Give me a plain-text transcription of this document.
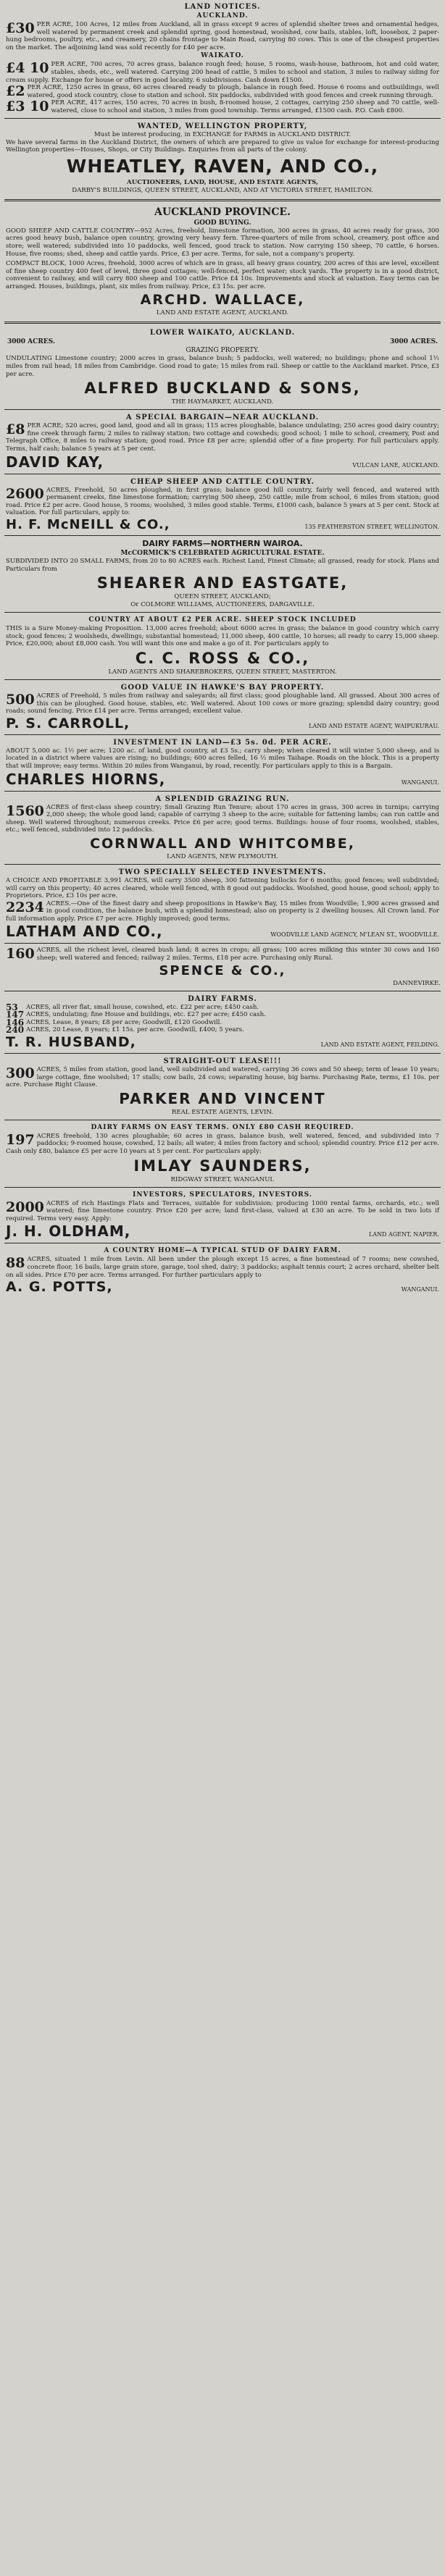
LAND NOTICES.
AUCKLAND.
£30 PER ACRE, 100 Acres, 12 miles from Auckland, all in grass except 9 acres of splendid shelter trees and ornamental hedges, well watered by permanent creek and splendid spring, good homestead, woolshed, cow bails, stables, loft, loosebox, 2 paper-hung bedrooms, poultry, etc., and creamery, 20 chains frontage to Main Road, carrying 80 cows. This is one of the cheapest properties on the market. The adjoining land was sold recently for £40 per acre.
WAIKATO.
£4 10 PER ACRE, 700 acres, 70 acres grass, balance rough feed; house, 5 rooms, wash-house, bathroom, hot and cold water, stables, sheds, etc., well watered. Carrying 200 head of cattle, 5 miles to school and station, 3 miles to railway siding for cream supply. Exchange for house or offers in good locality. 6 subdivisions. Cash down £1500.
£2 PER ACRE, 1250 acres in grass, 60 acres cleared ready to plough, balance in rough feed. House 6 rooms and outbuildings, well watered, good stock country, close to station and school. Six paddocks, subdivided with good fences and creek running through.
£3 10 PER ACRE, 417 acres, 150 acres, 70 acres in bush, 8-roomed house, 2 cottages, carrying 250 sheep and 70 cattle, well-watered, close to school and station, 3 miles from good township. Terms arranged, £1500 cash. P.O. Cash £800.
WANTED, WELLINGTON PROPERTY,
Must be interest producing, in EXCHANGE for FARMS in AUCKLAND DISTRICT.
We have several farms in the Auckland District, the owners of which are prepared to give us value for exchange for interest-producing Wellington properties—Houses, Shops, or City Buildings. Enquiries from all parts of the colony.
WHEATLEY, RAVEN, AND CO.,
AUCTIONEERS, LAND, HOUSE, AND ESTATE AGENTS,
DARBY'S BUILDINGS, QUEEN STREET, AUCKLAND, AND AT VICTORIA STREET, HAMILTON.
AUCKLAND PROVINCE.
GOOD BUYING.
GOOD SHEEP AND CATTLE COUNTRY—952 Acres, freehold, limestone formation, 300 acres in grass, 40 acres ready for grass, 300 acres good heavy bush, balance open country, growing very heavy fern. Three-quarters of mile from school, creamery, post office and store; well watered; subdivided into 10 paddocks, well fenced, good track to station. Now carrying 150 sheep, 70 cattle, 6 horses. House, five rooms; shed, sheep and cattle yards. Price, £3 per acre. Terms, for sale, not a company's property.
COMPACT BLOCK, 1000 Acres, freehold, 3000 acres of which are in grass, all heavy grass country, 200 acres of this are level, excellent of fine sheep country 400 feet of level, three good cottages; well-fenced, perfect water; stock yards. The property is in a good district, convenient to railway, and will carry 800 sheep and 100 cattle. Price £4 10s. Improvements and stock at valuation. Easy terms can be arranged. Houses, buildings, plant, six miles from railway. Price, £3 15s. per acre.
ARCHD. WALLACE,
LAND AND ESTATE AGENT, AUCKLAND.
LOWER WAIKATO, AUCKLAND.
3000 ACRES.	3000 ACRES.
GRAZING PROPERTY.
UNDULATING Limestone country; 2000 acres in grass, balance bush; 5 paddocks, well watered; no buildings; phone and school 1½ miles from rail head; 18 miles from Cambridge. Good road to gate; 15 miles from rail. Sheep or cattle to the Auckland market. Price, £3 per acre.
ALFRED BUCKLAND & SONS,
THE HAYMARKET, AUCKLAND.
A SPECIAL BARGAIN—NEAR AUCKLAND.
£8 PER ACRE; 520 acres, good land, good and all in grass; 115 acres ploughable, balance undulating; 250 acres good dairy country; fine creek through farm; 2 miles to railway station; two cottage and cowsheds; good school; 1 mile to school, creamery, Post and Telegraph Office, 8 miles to railway station; good road. Price £8 per acre; splendid offer of a fine property. For full particulars apply. Terms, half cash; balance 5 years at 5 per cent.
DAVID KAY,	VULCAN LANE, AUCKLAND.
CHEAP SHEEP AND CATTLE COUNTRY.
2600 ACRES, Freehold, 50 acres ploughed, in first grass; balance good hill country, fairly well fenced, and watered with permanent creeks, fine limestone formation; carrying 500 sheep, 250 cattle; mile from school, 6 miles from station; good road. Price £2 per acre. Good house, 5 rooms; woolshed, 3 miles good stable. Terms, £1000 cash, balance 5 years at 5 per cent. Stock at valuation. For full particulars, apply to:
H. F. McNEILL & CO.,	135 FEATHERSTON STREET, WELLINGTON.
DAIRY FARMS—NORTHERN WAIROA.
McCORMICK'S CELEBRATED AGRICULTURAL ESTATE.
SUBDIVIDED INTO 20 SMALL FARMS, from 20 to 80 ACRES each. Richest Land, Finest Climate; all grassed, ready for stock. Plans and Particulars from
SHEARER AND EASTGATE,
QUEEN STREET, AUCKLAND;
Or COLMORE WILLIAMS, AUCTIONEERS, DARGAVILLE.
COUNTRY AT ABOUT £2 PER ACRE. SHEEP STOCK INCLUDED
THIS is a Sure Money-making Proposition. 13,000 acres freehold; about 6000 acres in grass; the balance in good country which carry stock; good fences; 2 woolsheds, dwellings; substantial homestead; 11,000 sheep, 400 cattle, 10 horses; all ready to carry 15,000 sheep. Price, £20,000; about £8,000 cash. You will want this one and make a go of it. For particulars apply to
C. C. ROSS & CO.,
LAND AGENTS AND SHAREBROKERS, QUEEN STREET, MASTERTON.
GOOD VALUE IN HAWKE'S BAY PROPERTY.
500 ACRES of Freehold, 5 miles from railway and saleyards; all first class; good ploughable land. All grassed. About 300 acres of this can be ploughed. Good house, stables, etc. Well watered. About 100 cows or more grazing; splendid dairy country; good roads; sound fencing. Price £14 per acre. Terms arranged; excellent value.
P. S. CARROLL,	LAND AND ESTATE AGENT, WAIPUKURAU.
INVESTMENT IN LAND—£3 5s. 0d. PER ACRE.
ABOUT 5,000 ac. 1½ per acre; 1200 ac. of land, good country, at £3 5s.; carry sheep; when cleared it will winter 5,000 sheep, and is located in a district where values are rising; no buildings; 600 acres felled, 16 ½ miles Taihape. Roads on the block. This is a property that will improve; easy terms. Within 20 miles from Wanganui, by road, recently. For particulars apply to this is a Bargain.
CHARLES HIORNS,	WANGANUI.
A SPLENDID GRAZING RUN.
1560 ACRES of first-class sheep country; Small Grazing Run Tenure; about 170 acres in grass, 300 acres in turnips; carrying 2,000 sheep; the whole good land; capable of carrying 3 sheep to the acre; suitable for fattening lambs; can run cattle and sheep. Well watered throughout; numerous creeks. Price £6 per acre; good terms. Buildings: house of four rooms, woolshed, stables, etc.; well fenced, subdivided into 12 paddocks.
CORNWALL AND WHITCOMBE,
LAND AGENTS, NEW PLYMOUTH.
TWO SPECIALLY SELECTED INVESTMENTS.
A CHOICE AND PROFITABLE 3,991 ACRES, will carry 3500 sheep, 300 fattening bullocks for 6 months; good fences; well subdivided; will carry on this property; 40 acres cleared, whole well fenced, with 8 good out paddocks. Woolshed, good house, good school; apply to Proprietors. Price, £3 10s per acre.
2234 ACRES.—One of the finest dairy and sheep propositions in Hawke's Bay, 15 miles from Woodville; 1,900 acres grassed and in good condition, the balance bush, with a splendid homestead; also on property is 2 dwelling houses. All Crown land. For full information apply. Price £7 per acre. Highly improved; good terms.
LATHAM AND CO.,	WOODVILLE LAND AGENCY, M'LEAN ST., WOODVILLE.
160 ACRES, all the richest level, cleared bush land; 8 acres in crops; all grass; 100 acres milking this winter 30 cows and 160 sheep; well watered and fenced; railway 2 miles. Terms, £18 per acre. Purchasing only Rural.
SPENCE & CO.,
DANNEVIRKE.
DAIRY FARMS.
53	ACRES, all river flat, small house, cowshed, etc. £22 per acre; £450 cash.
147 ACRES, undulating; fine House and buildings, etc. £27 per acre; £450 cash.
146 ACRES, Lease, 8 years; £8 per acre; Goodwill, £120 Goodwill.
240 ACRES, 20 Lease, 8 years; £1 15s. per acre. Goodwill, £400; 5 years.
T. R. HUSBAND,	LAND AND ESTATE AGENT, FEILDING.
STRAIGHT-OUT LEASE!!!
300 ACRES, 5 miles from station, good land, well subdivided and watered, carrying 36 cows and 50 sheep; term of lease 10 years; large cottage, fine woolshed; 17 stalls; cow bails, 24 cows; separating house, big barns. Purchasing Rate, terms, £1 10s. per acre. Purchase Right Clause.
PARKER AND VINCENT
REAL ESTATE AGENTS, LEVIN.
DAIRY FARMS ON EASY TERMS. ONLY £80 CASH REQUIRED.
197 ACRES freehold, 130 acres ploughable; 60 acres in grass, balance bush, well watered, fenced, and subdivided into 7 paddocks; 9-roomed house, cowshed, 12 bails; all water; 4 miles from factory and school; splendid country. Price £12 per acre. Cash only £80, balance £5 per acre 10 years at 5 per cent. For particulars apply:
IMLAY SAUNDERS,
RIDGWAY STREET, WANGANUI.
INVESTORS, SPECULATORS, INVESTORS.
2000 ACRES of rich Hastings Flats and Terraces, suitable for subdivision; producing 1000 rental farms, orchards, etc.; well watered; fine limestone country. Price £20 per acre; land first-class, valued at £30 an acre. To be sold in two lots if required. Terms very easy. Apply:
J. H. OLDHAM,	LAND AGENT, NAPIER.
A COUNTRY HOME—A TYPICAL STUD OF DAIRY FARM.
88 ACRES, situated 1 mile from Levin. All been under the plough except 15 acres, a fine homestead of 7 rooms; new cowshed, concrete floor, 16 bails, large grain store, garage, tool shed, dairy; 3 paddocks; asphalt tennis court; 2 acres orchard, shelter belt on all sides. Price £70 per acre. Terms arranged. For further particulars apply to
A. G. POTTS,	WANGANUI.
